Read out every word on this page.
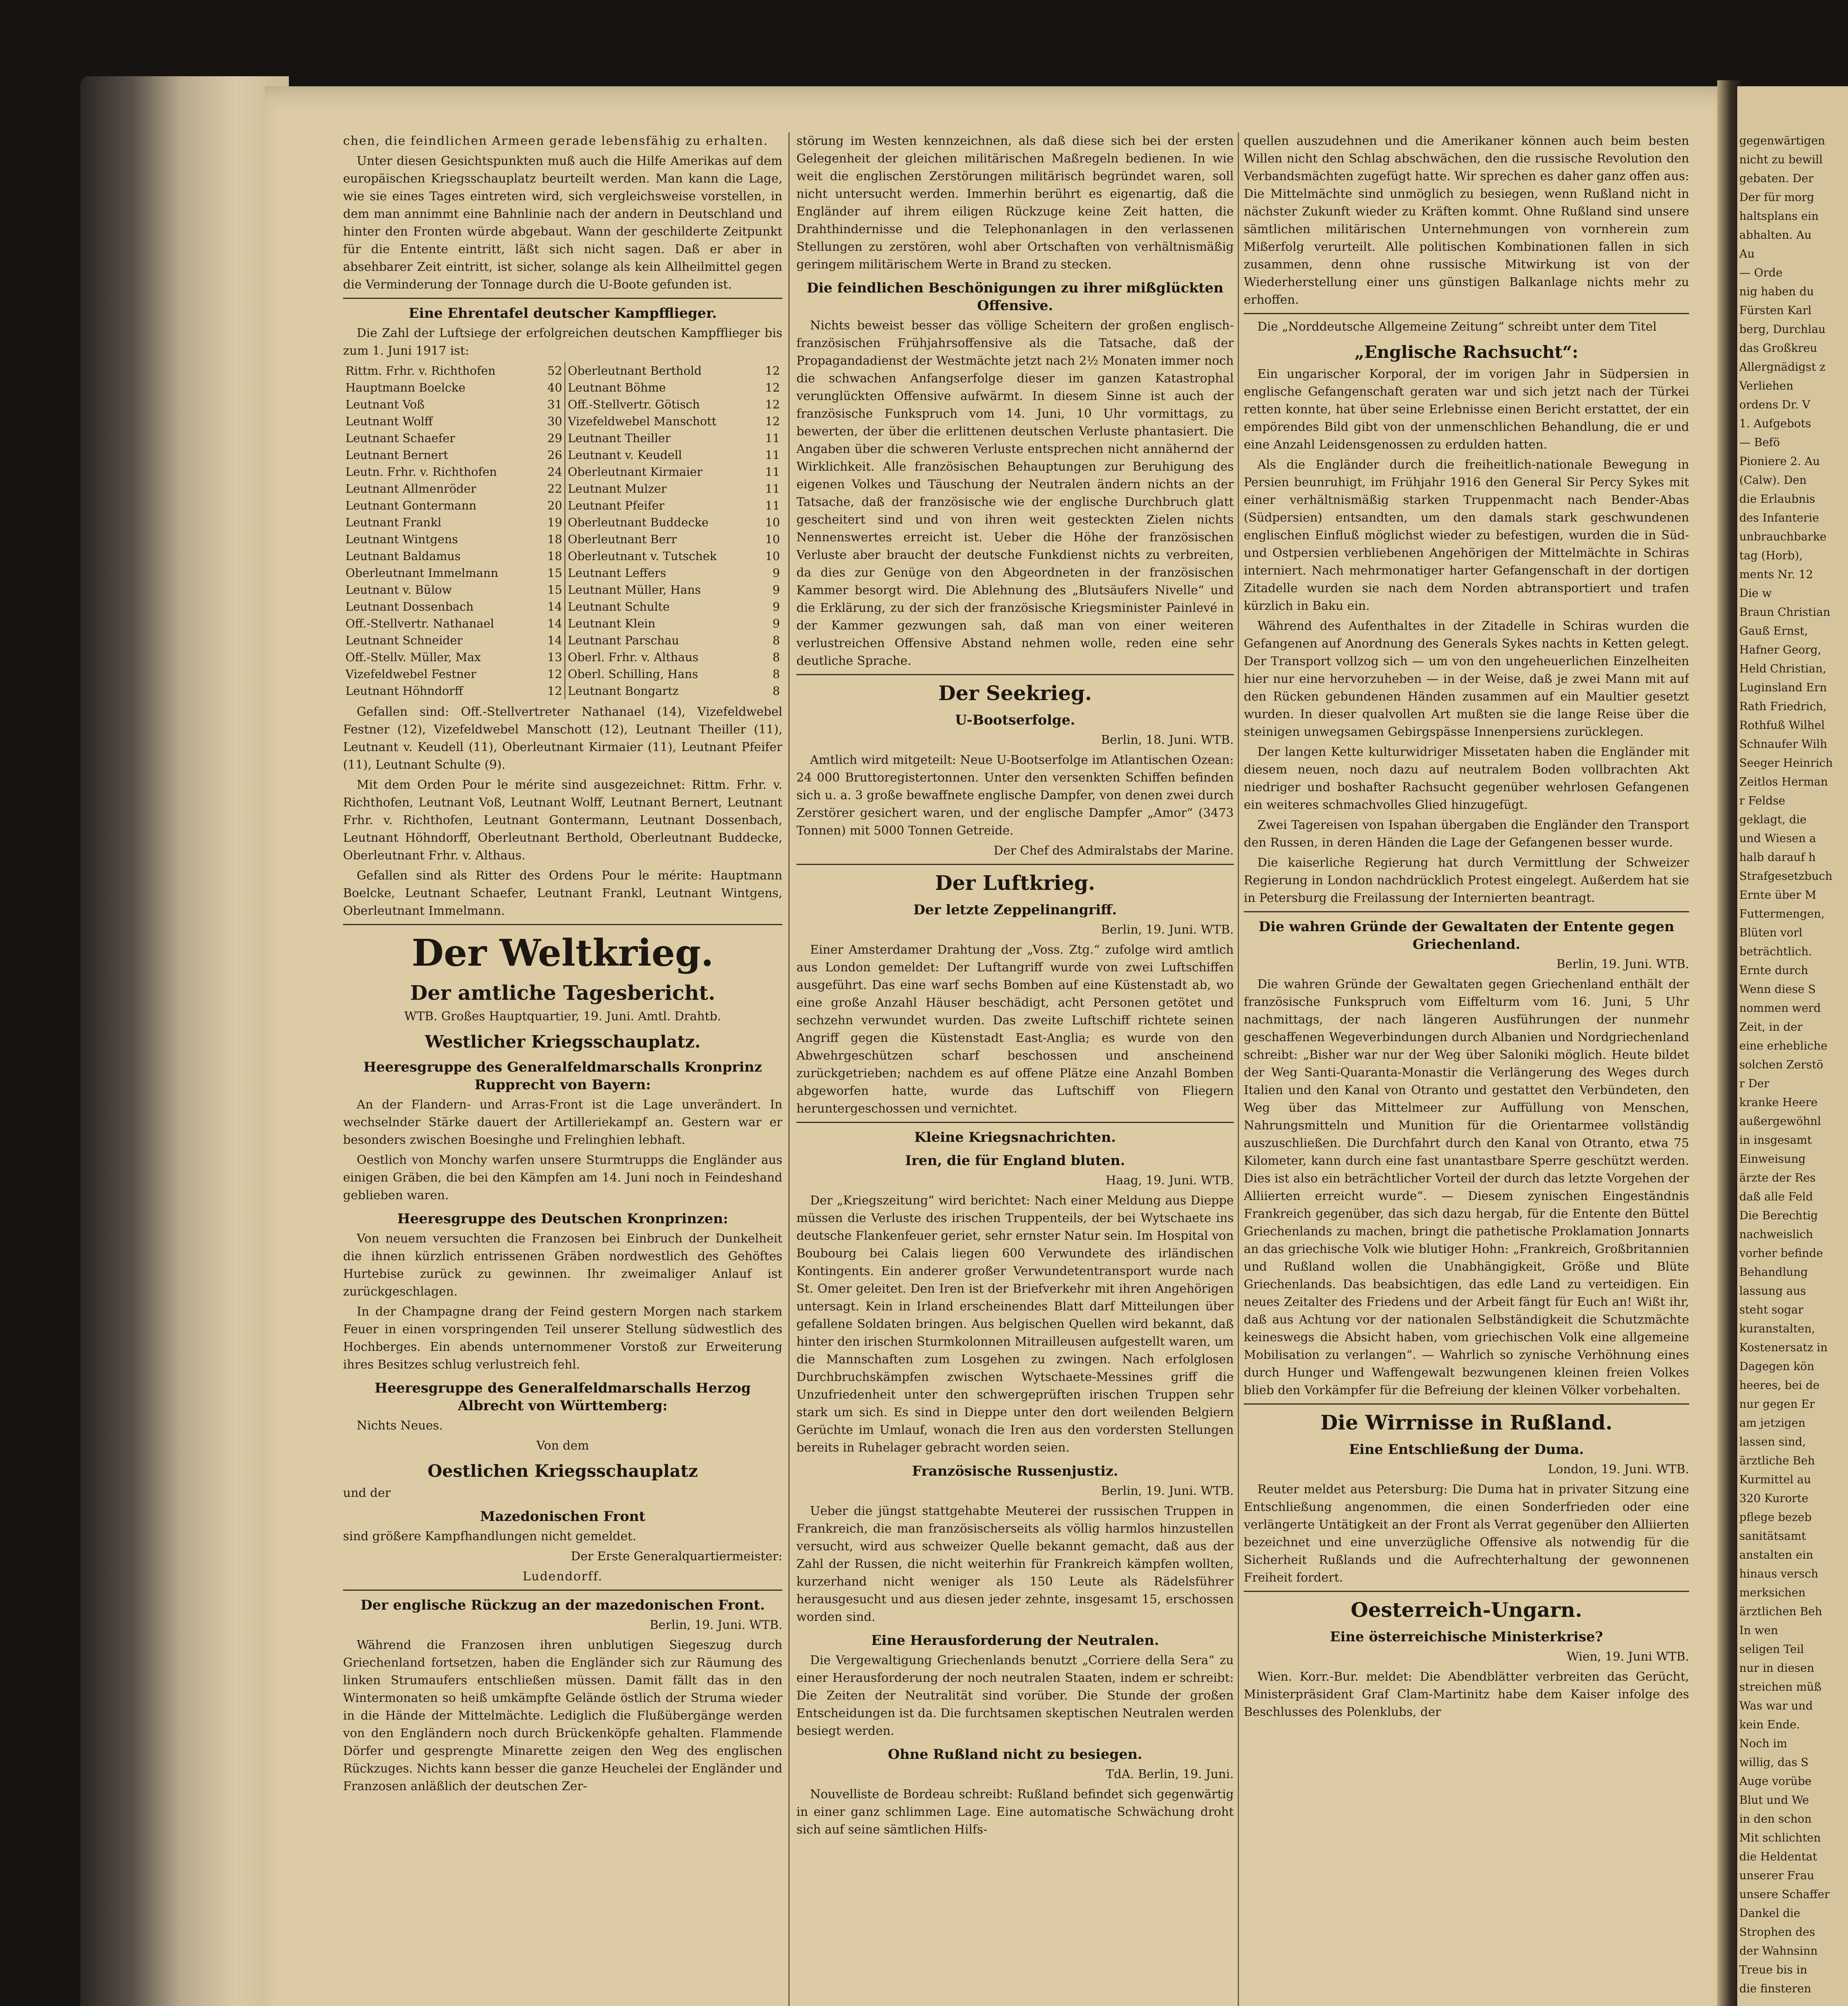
chen, die feindlichen Armeen gerade lebensfähig zu erhalten.

Unter diesen Gesichtspunkten muß auch die Hilfe Amerikas auf dem europäischen Kriegsschauplatz beurteilt werden. Man kann die Lage, wie sie eines Tages eintreten wird, sich vergleichsweise vorstellen, in dem man annimmt eine Bahnlinie nach der andern in Deutschland und hinter den Fronten würde abgebaut. Wann der geschilderte Zeitpunkt für die Entente eintritt, läßt sich nicht sagen. Daß er aber in absehbarer Zeit eintritt, ist sicher, solange als kein Allheilmittel gegen die Verminderung der Tonnage durch die U-Boote gefunden ist.

Eine Ehrentafel deutscher Kampfflieger.

Die Zahl der Luftsiege der erfolgreichen deutschen Kampfflieger bis zum 1. Juni 1917 ist:

Rittm. Frhr. v. Richthofen	52	Oberleutnant Berthold	12
Hauptmann Boelcke	40	Leutnant Böhme	12
Leutnant Voß	31	Off.-Stellvertr. Götisch	12
Leutnant Wolff	30	Vizefeldwebel Manschott	12
Leutnant Schaefer	29	Leutnant Theiller	11
Leutnant Bernert	26	Leutnant v. Keudell	11
Leutn. Frhr. v. Richthofen	24	Oberleutnant Kirmaier	11
Leutnant Allmenröder	22	Leutnant Mulzer	11
Leutnant Gontermann	20	Leutnant Pfeifer	11
Leutnant Frankl	19	Oberleutnant Buddecke	10
Leutnant Wintgens	18	Oberleutnant Berr	10
Leutnant Baldamus	18	Oberleutnant v. Tutschek	10
Oberleutnant Immelmann	15	Leutnant Leffers	9
Leutnant v. Bülow	15	Leutnant Müller, Hans	9
Leutnant Dossenbach	14	Leutnant Schulte	9
Off.-Stellvertr. Nathanael	14	Leutnant Klein	9
Leutnant Schneider	14	Leutnant Parschau	8
Off.-Stellv. Müller, Max	13	Oberl. Frhr. v. Althaus	8
Vizefeldwebel Festner	12	Oberl. Schilling, Hans	8
Leutnant Höhndorff	12	Leutnant Bongartz	8

Gefallen sind: Off.-Stellvertreter Nathanael (14), Vizefeldwebel Festner (12), Vizefeldwebel Manschott (12), Leutnant Theiller (11), Leutnant v. Keudell (11), Oberleutnant Kirmaier (11), Leutnant Pfeifer (11), Leutnant Schulte (9).

Mit dem Orden Pour le mérite sind ausgezeichnet: Rittm. Frhr. v. Richthofen, Leutnant Voß, Leutnant Wolff, Leutnant Bernert, Leutnant Frhr. v. Richthofen, Leutnant Gontermann, Leutnant Dossenbach, Leutnant Höhndorff, Oberleutnant Berthold, Oberleutnant Buddecke, Oberleutnant Frhr. v. Althaus.

Gefallen sind als Ritter des Ordens Pour le mérite: Hauptmann Boelcke, Leutnant Schaefer, Leutnant Frankl, Leutnant Wintgens, Oberleutnant Immelmann.

Der Weltkrieg.
Der amtliche Tagesbericht.

WTB. Großes Hauptquartier, 19. Juni. Amtl. Drahtb.

Westlicher Kriegsschauplatz.
Heeresgruppe des Generalfeldmarschalls Kronprinz Rupprecht von Bayern:

An der Flandern- und Arras-Front ist die Lage unverändert. In wechselnder Stärke dauert der Artilleriekampf an. Gestern war er besonders zwischen Boesinghe und Frelinghien lebhaft.

Oestlich von Monchy warfen unsere Sturmtrupps die Engländer aus einigen Gräben, die bei den Kämpfen am 14. Juni noch in Feindeshand geblieben waren.

Heeresgruppe des Deutschen Kronprinzen:

Von neuem versuchten die Franzosen bei Einbruch der Dunkelheit die ihnen kürzlich entrissenen Gräben nordwestlich des Gehöftes Hurtebise zurück zu gewinnen. Ihr zweimaliger Anlauf ist zurückgeschlagen.

In der Champagne drang der Feind gestern Morgen nach starkem Feuer in einen vorspringenden Teil unserer Stellung südwestlich des Hochberges. Ein abends unternommener Vorstoß zur Erweiterung ihres Besitzes schlug verlustreich fehl.

Heeresgruppe des Generalfeldmarschalls Herzog Albrecht von Württemberg:

Nichts Neues.

Von dem

Oestlichen Kriegsschauplatz

und der

Mazedonischen Front

sind größere Kampfhandlungen nicht gemeldet.

Der Erste Generalquartiermeister:

Ludendorff.

Der englische Rückzug an der mazedonischen Front.

Berlin, 19. Juni. WTB.

Während die Franzosen ihren unblutigen Siegeszug durch Griechenland fortsetzen, haben die Engländer sich zur Räumung des linken Strumaufers entschließen müssen. Damit fällt das in den Wintermonaten so heiß umkämpfte Gelände östlich der Struma wieder in die Hände der Mittelmächte. Lediglich die Flußübergänge werden von den Engländern noch durch Brückenköpfe gehalten. Flammende Dörfer und gesprengte Minarette zeigen den Weg des englischen Rückzuges. Nichts kann besser die ganze Heuchelei der Engländer und Franzosen anläßlich der deutschen Zer-

störung im Westen kennzeichnen, als daß diese sich bei der ersten Gelegenheit der gleichen militärischen Maßregeln bedienen. In wie weit die englischen Zerstörungen militärisch begründet waren, soll nicht untersucht werden. Immerhin berührt es eigenartig, daß die Engländer auf ihrem eiligen Rückzuge keine Zeit hatten, die Drahthindernisse und die Telephonanlagen in den verlassenen Stellungen zu zerstören, wohl aber Ortschaften von verhältnismäßig geringem militärischem Werte in Brand zu stecken.

Die feindlichen Beschönigungen zu ihrer mißglückten Offensive.

Nichts beweist besser das völlige Scheitern der großen englisch-französischen Frühjahrsoffensive als die Tatsache, daß der Propagandadienst der Westmächte jetzt nach 2½ Monaten immer noch die schwachen Anfangserfolge dieser im ganzen Katastrophal verunglückten Offensive aufwärmt. In diesem Sinne ist auch der französische Funkspruch vom 14. Juni, 10 Uhr vormittags, zu bewerten, der über die erlittenen deutschen Verluste phantasiert. Die Angaben über die schweren Verluste entsprechen nicht annähernd der Wirklichkeit. Alle französischen Behauptungen zur Beruhigung des eigenen Volkes und Täuschung der Neutralen ändern nichts an der Tatsache, daß der französische wie der englische Durchbruch glatt gescheitert sind und von ihren weit gesteckten Zielen nichts Nennenswertes erreicht ist. Ueber die Höhe der französischen Verluste aber braucht der deutsche Funkdienst nichts zu verbreiten, da dies zur Genüge von den Abgeordneten in der französischen Kammer besorgt wird. Die Ablehnung des „Blutsäufers Nivelle“ und die Erklärung, zu der sich der französische Kriegsminister Painlevé in der Kammer gezwungen sah, daß man von einer weiteren verlustreichen Offensive Abstand nehmen wolle, reden eine sehr deutliche Sprache.

Der Seekrieg.
U-Bootserfolge.

Berlin, 18. Juni. WTB.

Amtlich wird mitgeteilt: Neue U-Bootserfolge im Atlantischen Ozean: 24 000 Bruttoregistertonnen. Unter den versenkten Schiffen befinden sich u. a. 3 große bewaffnete englische Dampfer, von denen zwei durch Zerstörer gesichert waren, und der englische Dampfer „Amor“ (3473 Tonnen) mit 5000 Tonnen Getreide.

Der Chef des Admiralstabs der Marine.

Der Luftkrieg.
Der letzte Zeppelinangriff.

Berlin, 19. Juni. WTB.

Einer Amsterdamer Drahtung der „Voss. Ztg.“ zufolge wird amtlich aus London gemeldet: Der Luftangriff wurde von zwei Luftschiffen ausgeführt. Das eine warf sechs Bomben auf eine Küstenstadt ab, wo eine große Anzahl Häuser beschädigt, acht Personen getötet und sechzehn verwundet wurden. Das zweite Luftschiff richtete seinen Angriff gegen die Küstenstadt East-Anglia; es wurde von den Abwehrgeschützen scharf beschossen und anscheinend zurückgetrieben; nachdem es auf offene Plätze eine Anzahl Bomben abgeworfen hatte, wurde das Luftschiff von Fliegern heruntergeschossen und vernichtet.

Kleine Kriegsnachrichten.
Iren, die für England bluten.

Haag, 19. Juni. WTB.

Der „Kriegszeitung“ wird berichtet: Nach einer Meldung aus Dieppe müssen die Verluste des irischen Truppenteils, der bei Wytschaete ins deutsche Flankenfeuer geriet, sehr ernster Natur sein. Im Hospital von Boubourg bei Calais liegen 600 Verwundete des irländischen Kontingents. Ein anderer großer Verwundetentransport wurde nach St. Omer geleitet. Den Iren ist der Briefverkehr mit ihren Angehörigen untersagt. Kein in Irland erscheinendes Blatt darf Mitteilungen über gefallene Soldaten bringen. Aus belgischen Quellen wird bekannt, daß hinter den irischen Sturmkolonnen Mitrailleusen aufgestellt waren, um die Mannschaften zum Losgehen zu zwingen. Nach erfolglosen Durchbruchskämpfen zwischen Wytschaete-Messines griff die Unzufriedenheit unter den schwergeprüften irischen Truppen sehr stark um sich. Es sind in Dieppe unter den dort weilenden Belgiern Gerüchte im Umlauf, wonach die Iren aus den vordersten Stellungen bereits in Ruhelager gebracht worden seien.

Französische Russenjustiz.

Berlin, 19. Juni. WTB.

Ueber die jüngst stattgehabte Meuterei der russischen Truppen in Frankreich, die man französischerseits als völlig harmlos hinzustellen versucht, wird aus schweizer Quelle bekannt gemacht, daß aus der Zahl der Russen, die nicht weiterhin für Frankreich kämpfen wollten, kurzerhand nicht weniger als 150 Leute als Rädelsführer herausgesucht und aus diesen jeder zehnte, insgesamt 15, erschossen worden sind.

Eine Herausforderung der Neutralen.

Die Vergewaltigung Griechenlands benutzt „Corriere della Sera“ zu einer Herausforderung der noch neutralen Staaten, indem er schreibt: Die Zeiten der Neutralität sind vorüber. Die Stunde der großen Entscheidungen ist da. Die furchtsamen skeptischen Neutralen werden besiegt werden.

Ohne Rußland nicht zu besiegen.

TdA. Berlin, 19. Juni.

Nouvelliste de Bordeau schreibt: Rußland befindet sich gegenwärtig in einer ganz schlimmen Lage. Eine automatische Schwächung droht sich auf seine sämtlichen Hilfs-

quellen auszudehnen und die Amerikaner können auch beim besten Willen nicht den Schlag abschwächen, den die russische Revolution den Verbandsmächten zugefügt hatte. Wir sprechen es daher ganz offen aus: Die Mittelmächte sind unmöglich zu besiegen, wenn Rußland nicht in nächster Zukunft wieder zu Kräften kommt. Ohne Rußland sind unsere sämtlichen militärischen Unternehmungen von vornherein zum Mißerfolg verurteilt. Alle politischen Kombinationen fallen in sich zusammen, denn ohne russische Mitwirkung ist von der Wiederherstellung einer uns günstigen Balkanlage nichts mehr zu erhoffen.

Die „Norddeutsche Allgemeine Zeitung“ schreibt unter dem Titel

„Englische Rachsucht“:

Ein ungarischer Korporal, der im vorigen Jahr in Südpersien in englische Gefangenschaft geraten war und sich jetzt nach der Türkei retten konnte, hat über seine Erlebnisse einen Bericht erstattet, der ein empörendes Bild gibt von der unmenschlichen Behandlung, die er und eine Anzahl Leidensgenossen zu erdulden hatten.

Als die Engländer durch die freiheitlich-nationale Bewegung in Persien beunruhigt, im Frühjahr 1916 den General Sir Percy Sykes mit einer verhältnismäßig starken Truppenmacht nach Bender-Abas (Südpersien) entsandten, um den damals stark geschwundenen englischen Einfluß möglichst wieder zu befestigen, wurden die in Süd- und Ostpersien verbliebenen Angehörigen der Mittelmächte in Schiras interniert. Nach mehrmonatiger harter Gefangenschaft in der dortigen Zitadelle wurden sie nach dem Norden abtransportiert und trafen kürzlich in Baku ein.

Während des Aufenthaltes in der Zitadelle in Schiras wurden die Gefangenen auf Anordnung des Generals Sykes nachts in Ketten gelegt. Der Transport vollzog sich — um von den ungeheuerlichen Einzelheiten hier nur eine hervorzuheben — in der Weise, daß je zwei Mann mit auf den Rücken gebundenen Händen zusammen auf ein Maultier gesetzt wurden. In dieser qualvollen Art mußten sie die lange Reise über die steinigen unwegsamen Gebirgspässe Innenpersiens zurücklegen.

Der langen Kette kulturwidriger Missetaten haben die Engländer mit diesem neuen, noch dazu auf neutralem Boden vollbrachten Akt niedriger und boshafter Rachsucht gegenüber wehrlosen Gefangenen ein weiteres schmachvolles Glied hinzugefügt.

Zwei Tagereisen von Ispahan übergaben die Engländer den Transport den Russen, in deren Händen die Lage der Gefangenen besser wurde.

Die kaiserliche Regierung hat durch Vermittlung der Schweizer Regierung in London nachdrücklich Protest eingelegt. Außerdem hat sie in Petersburg die Freilassung der Internierten beantragt.

Die wahren Gründe der Gewaltaten der Entente gegen Griechenland.

Berlin, 19. Juni. WTB.

Die wahren Gründe der Gewaltaten gegen Griechenland enthält der französische Funkspruch vom Eiffelturm vom 16. Juni, 5 Uhr nachmittags, der nach längeren Ausführungen der nunmehr geschaffenen Wegeverbindungen durch Albanien und Nordgriechenland schreibt: „Bisher war nur der Weg über Saloniki möglich. Heute bildet der Weg Santi-Quaranta-Monastir die Verlängerung des Weges durch Italien und den Kanal von Otranto und gestattet den Verbündeten, den Weg über das Mittelmeer zur Auffüllung von Menschen, Nahrungsmitteln und Munition für die Orientarmee vollständig auszuschließen. Die Durchfahrt durch den Kanal von Otranto, etwa 75 Kilometer, kann durch eine fast unantastbare Sperre geschützt werden. Dies ist also ein beträchtlicher Vorteil der durch das letzte Vorgehen der Alliierten erreicht wurde“. — Diesem zynischen Eingeständnis Frankreich gegenüber, das sich dazu hergab, für die Entente den Büttel Griechenlands zu machen, bringt die pathetische Proklamation Jonnarts an das griechische Volk wie blutiger Hohn: „Frankreich, Großbritannien und Rußland wollen die Unabhängigkeit, Größe und Blüte Griechenlands. Das beabsichtigen, das edle Land zu verteidigen. Ein neues Zeitalter des Friedens und der Arbeit fängt für Euch an! Wißt ihr, daß aus Achtung vor der nationalen Selbständigkeit die Schutzmächte keineswegs die Absicht haben, vom griechischen Volk eine allgemeine Mobilisation zu verlangen“. — Wahrlich so zynische Verhöhnung eines durch Hunger und Waffengewalt bezwungenen kleinen freien Volkes blieb den Vorkämpfer für die Befreiung der kleinen Völker vorbehalten.

Die Wirrnisse in Rußland.
Eine Entschließung der Duma.

London, 19. Juni. WTB.

Reuter meldet aus Petersburg: Die Duma hat in privater Sitzung eine Entschließung angenommen, die einen Sonderfrieden oder eine verlängerte Untätigkeit an der Front als Verrat gegenüber den Alliierten bezeichnet und eine unverzügliche Offensive als notwendig für die Sicherheit Rußlands und die Aufrechterhaltung der gewonnenen Freiheit fordert.

Oesterreich-Ungarn.
Eine österreichische Ministerkrise?

Wien, 19. Juni WTB.

Wien. Korr.-Bur. meldet: Die Abendblätter verbreiten das Gerücht, Ministerpräsident Graf Clam-Martinitz habe dem Kaiser infolge des Beschlusses des Polenklubs, der

gegenwärtigen

nicht zu bewill

gebaten. Der

Der für morg

haltsplans ein

abhalten. Au

Au

— Orde

nig haben du

Fürsten Karl

berg, Durchlau

das Großkreu

Allergnädigst z

Verliehen

ordens Dr. V

1. Aufgebots

— Befö

Pioniere 2. Au

(Calw). Den

die Erlaubnis

des Infanterie

unbrauchbarke

tag (Horb),

ments Nr. 12

Die w

Braun Christian

Gauß Ernst,

Hafner Georg,

Held Christian,

Luginsland Ern

Rath Friedrich,

Rothfuß Wilhel

Schnaufer Wilh

Seeger Heinrich

Zeitlos Herman

r Feldse

geklagt, die

und Wiesen a

halb darauf h

Strafgesetzbuch

Ernte über M

Futtermengen,

Blüten vorl

beträchtlich.

Ernte durch

Wenn diese S

nommen werd

Zeit, in der

eine erhebliche

solchen Zerstö

r Der

kranke Heere

außergewöhnl

in insgesamt

Einweisung

ärzte der Res

daß alle Feld

Die Berechtig

nachweislich

vorher befinde

Behandlung

lassung aus

steht sogar

kuranstalten,

Kostenersatz in

Dagegen kön

heeres, bei de

nur gegen Er

am jetzigen

lassen sind,

ärztliche Beh

Kurmittel au

320 Kurorte

pflege bezeb

sanitätsamt

anstalten ein

hinaus versch

merksichen

ärztlichen Beh

In wen

seligen Teil

nur in diesen

streichen müß

Was war und

kein Ende.

Noch im

willig, das S

Auge vorübe

Blut und We

in den schon

Mit schlichten

die Heldentat

unserer Frau

unsere Schaffer

Dankel die

Strophen des

der Wahnsinn

Treue bis in

die finsteren
